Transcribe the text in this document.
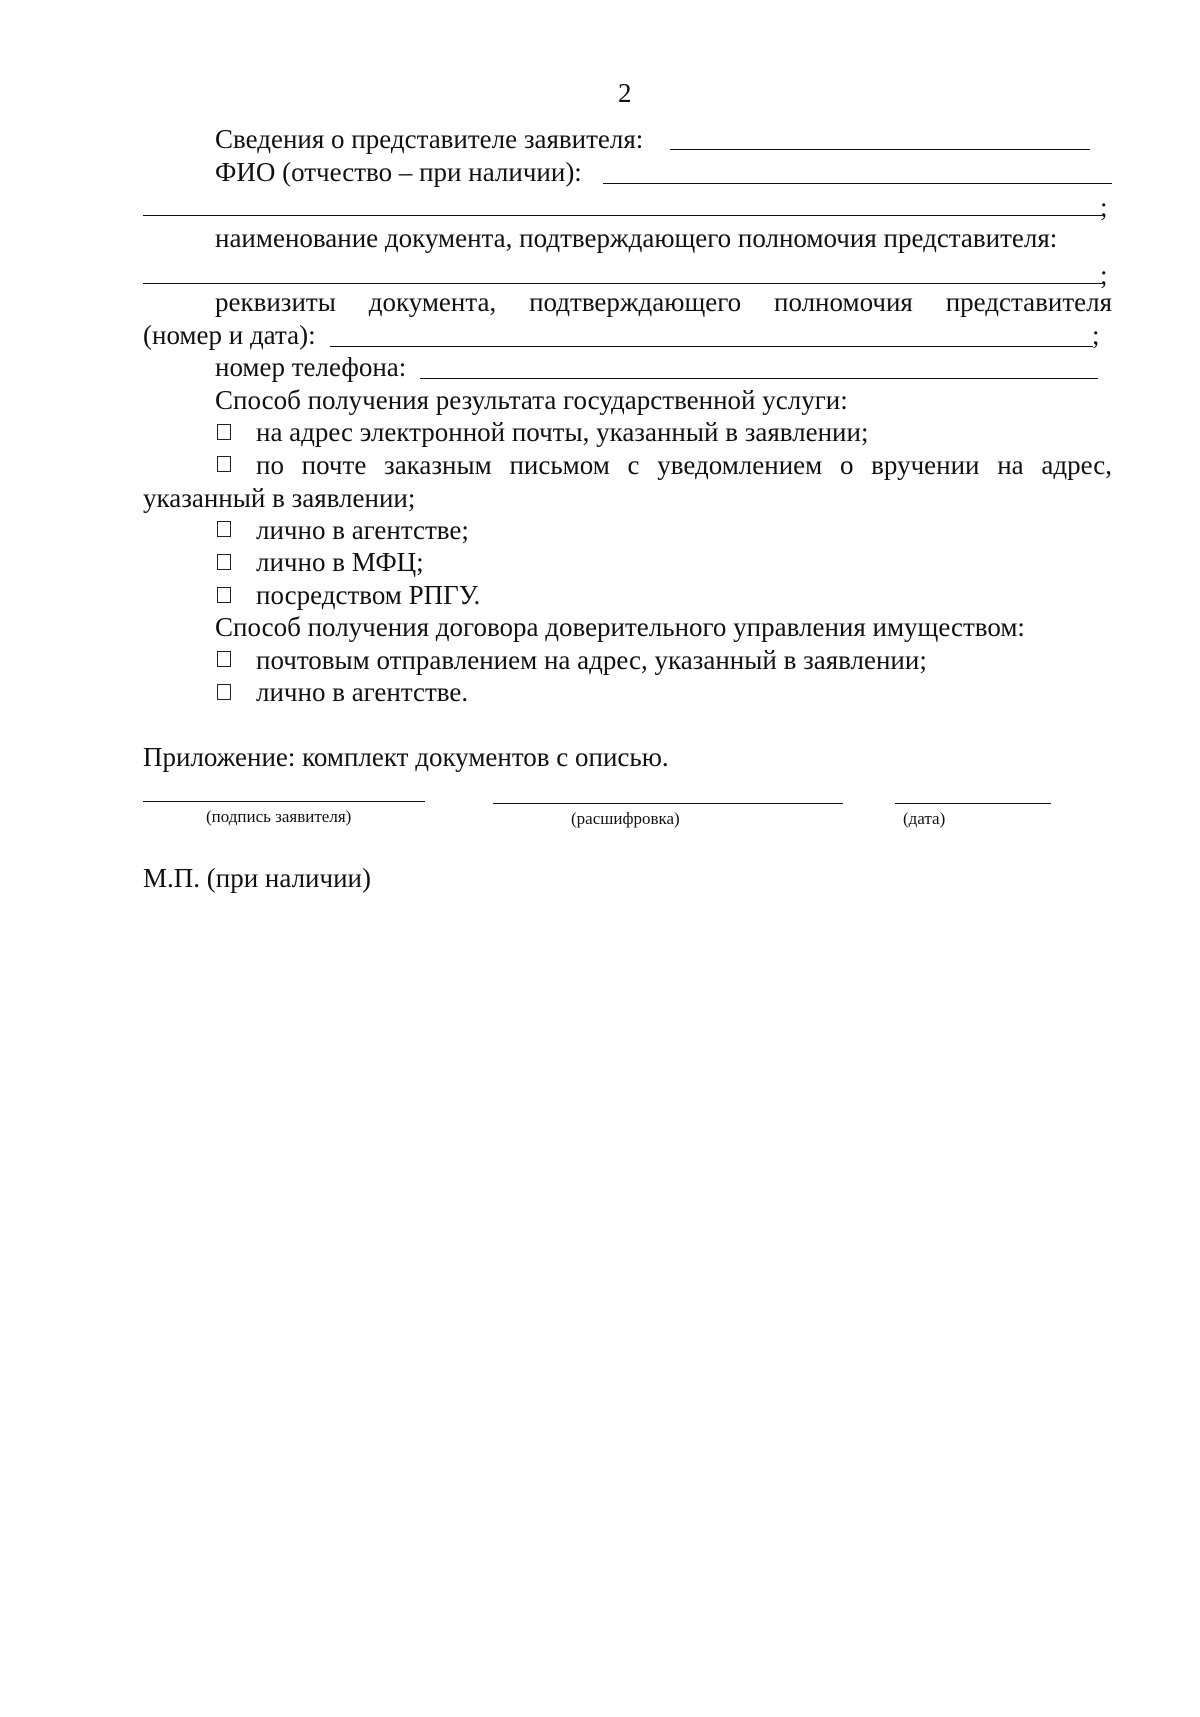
2
Сведения о представителе заявителя:
ФИО (отчество – при наличии):
;
наименование документа, подтверждающего полномочия представителя:
;
реквизиты документа, подтверждающего полномочия представителя
(номер и дата):	;
номер телефона:
Способ получения результата государственной услуги:
на адрес электронной почты, указанный в заявлении;
по почте заказным письмом с уведомлением о вручении на адрес,
указанный в заявлении;
лично в агентстве;
лично в МФЦ;
посредством РПГУ.
Способ получения договора доверительного управления имуществом:
почтовым отправлением на адрес, указанный в заявлении;
лично в агентстве.
Приложение: комплект документов с описью.
(подпись заявителя)	(расшифровка)	(дата)
М.П. (при наличии)
